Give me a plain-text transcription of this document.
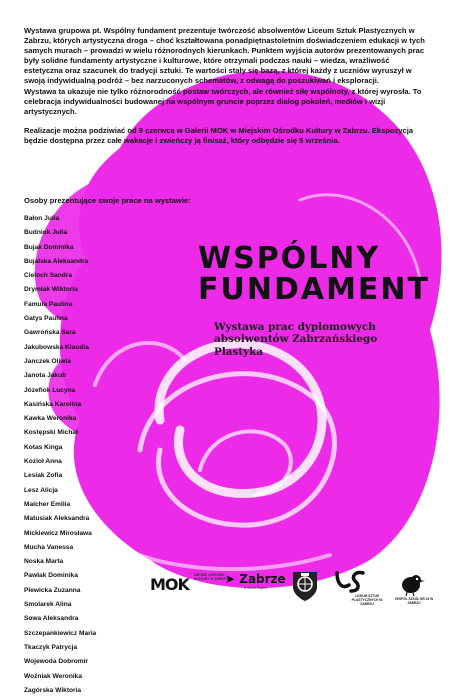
Wystawa grupowa pt. Wspólny fundament prezentuje twórczość absolwentów Liceum Sztuk Plastycznych w Zabrzu, których artystyczna droga – choć kształtowana ponadpiętnastoletnim doświadczeniem edukacji w tych samych murach – prowadzi w wielu różnorodnych kierunkach. Punktem wyjścia autorów prezentowanych prac były solidne fundamenty artystyczne i kulturowe, które otrzymali podczas nauki – wiedza, wrażliwość estetyczna oraz szacunek do tradycji sztuki. Te wartości stały się bazą, z której każdy z uczniów wyruszył w swoją indywidualną podróż – bez narzuconych schematów, z odwagą do poszukiwań i eksploracji.

Wystawa ta ukazuje nie tylko różnorodność postaw twórczych, ale również siłę wspólnoty, z której wyrosła. To celebracja indywidualności budowanej na wspólnym gruncie poprzez dialog pokoleń, mediów i wizji artystycznych.

Realizacje można podziwiać od 9 czerwca w Galerii MOK w Miejskim Ośrodku Kultury w Zabrzu. Ekspozycja będzie dostępna przez całe wakacje i zwieńczy ją finisaż, który odbędzie się 5 września.

Osoby prezentujące swoje prace na wystawie:
Bałon Julia
Budniok Julia
Bujak Dominika
Bujalska Aleksandra
Cieloch Sandra
Drymłak Wiktoria
Famula Paulina
Gatys Paulina
Gawrońska Sara
Jakubowska Klaudia
Janczek Oliwia
Janota Jakub
Józefiok Lucyna
Kasińska Karolina
Kawka Weronika
Kostępski Michał
Kotas Kinga
Kozioł Anna
Lesiak Zofia
Lesz Alicja
Malcher Emilia
Matusiak Aleksandra
Mickiewicz Mirosława
Mucha Vanessa
Noska Marta
Pawlak Dominika
Plewicka Zuzanna
Smolarek Alina
Sowa Aleksandra
Szczepankiewicz Maria
Tkaczyk Patrycja
Wojewoda Dobromir
Woźniak Weronika
Zagórska Wiktoria
WSPÓLNY
FUNDAMENT
Wystawa prac dyplomowych absolwentów Zabrzańskiego Plastyka
MOK MIEJSKI OŚRODEK KULTURY W ZABRZU
➤ Zabrze
w sercu Śląska
LICEUM SZTUK PLASTYCZNYCH W ZABRZU
ZESPÓŁ SZKÓŁ NR 16 W ZABRZU
